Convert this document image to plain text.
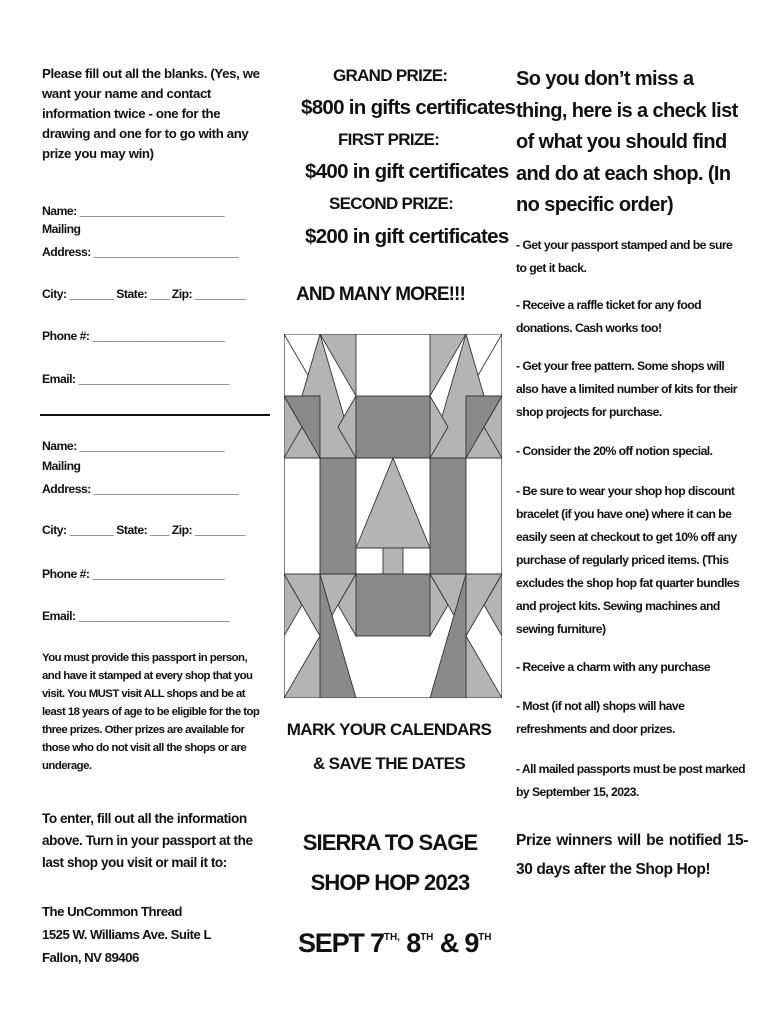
Please fill out all the blanks. (Yes, we want your name and contact information twice - one for the drawing and one for to go with any prize you may win)
Name: _______________________
Mailing
Address: _______________________
City: _______ State: ___ Zip: ________
Phone #: _____________________
Email: ________________________
Name: _______________________
Mailing
Address: _______________________
City: _______ State: ___ Zip: ________
Phone #: _____________________
Email: ________________________
You must provide this passport in person, and have it stamped at every shop that you visit. You MUST visit ALL shops and be at least 18 years of age to be eligible for the top three prizes. Other prizes are available for those who do not visit all the shops or are underage.
To enter, fill out all the information above. Turn in your passport at the last shop you visit or mail it to:
The UnCommon Thread
1525 W. Williams Ave. Suite L
Fallon, NV 89406
GRAND PRIZE:
$800 in gifts certificates
FIRST PRIZE:
$400 in gift certificates
SECOND PRIZE:
$200 in gift certificates
AND MANY MORE!!!
MARK YOUR CALENDARS
& SAVE THE DATES
SIERRA TO SAGE
SHOP HOP 2023
SEPT $7^{TH,}$ 8TH & 9TH
So you don’t miss a thing, here is a check list of what you should find and do at each shop. (In no specific order)
- Get your passport stamped and be sure to get it back.
- Receive a raffle ticket for any food donations. Cash works too!
- Get your free pattern. Some shops will also have a limited number of kits for their shop projects for purchase.
- Consider the 20% off notion special.
- Be sure to wear your shop hop discount bracelet (if you have one) where it can be easily seen at checkout to get 10% off any purchase of regularly priced items. (This excludes the shop hop fat quarter bundles and project kits. Sewing machines and sewing furniture)
- Receive a charm with any purchase
- Most (if not all) shops will have refreshments and door prizes.
- All mailed passports must be post marked by September 15, 2023.
Prize winners will be notified 15-30 days after the Shop Hop!
